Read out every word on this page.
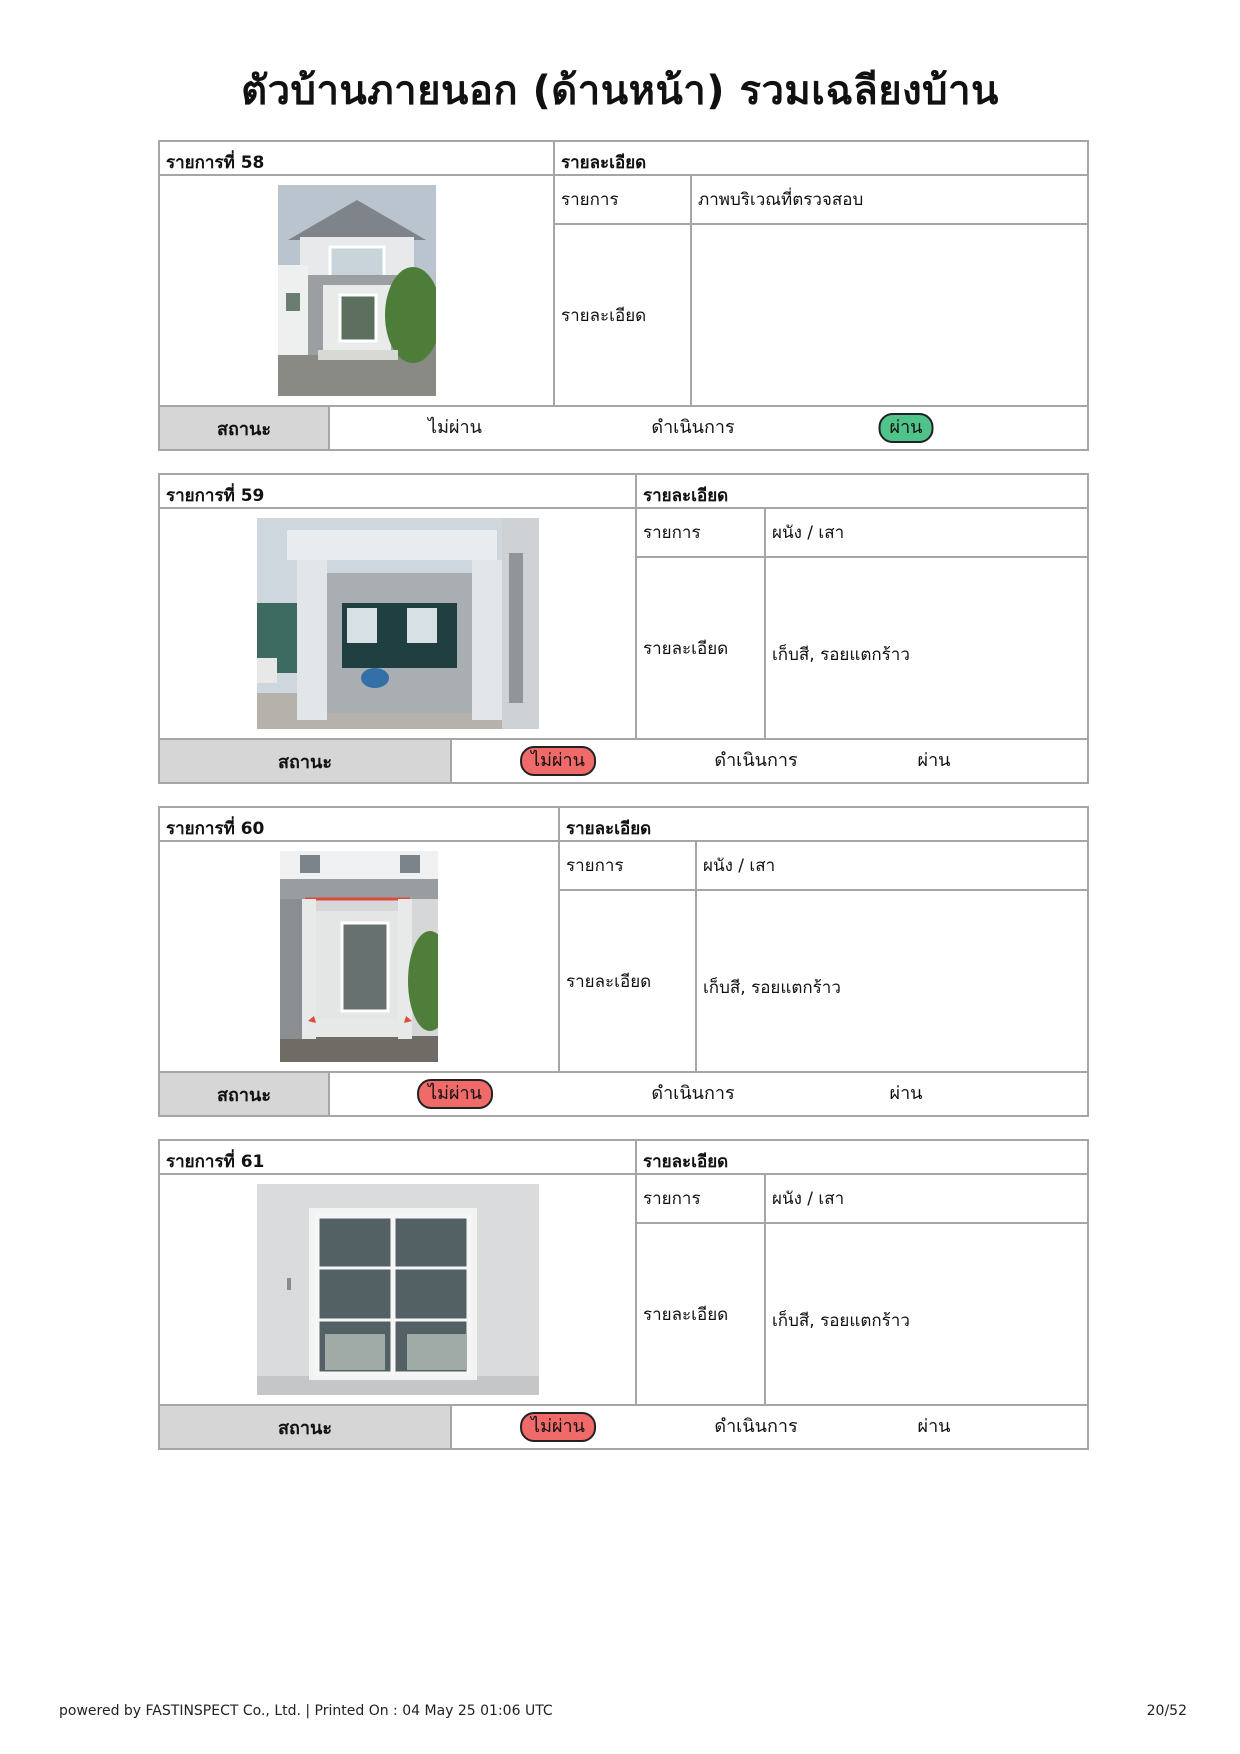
ตัวบ้านภายนอก (ด้านหน้า) รวมเฉลียงบ้าน
รายการที่ 58	รายละเอียด
รายการ	ภาพบริเวณที่ตรวจสอบ
รายละเอียด
สถานะ	ไม่ผ่าน	ดำเนินการ	ผ่าน
รายการที่ 59	รายละเอียด
รายการ	ผนัง / เสา
รายละเอียด	เก็บสี, รอยแตกร้าว
สถานะ	ไม่ผ่าน	ดำเนินการ	ผ่าน
รายการที่ 60	รายละเอียด
รายการ	ผนัง / เสา
รายละเอียด	เก็บสี, รอยแตกร้าว
สถานะ	ไม่ผ่าน	ดำเนินการ	ผ่าน
รายการที่ 61	รายละเอียด
รายการ	ผนัง / เสา
รายละเอียด	เก็บสี, รอยแตกร้าว
สถานะ	ไม่ผ่าน	ดำเนินการ	ผ่าน
powered by FASTINSPECT Co., Ltd. | Printed On : 04 May 25 01:06 UTC	20/52
